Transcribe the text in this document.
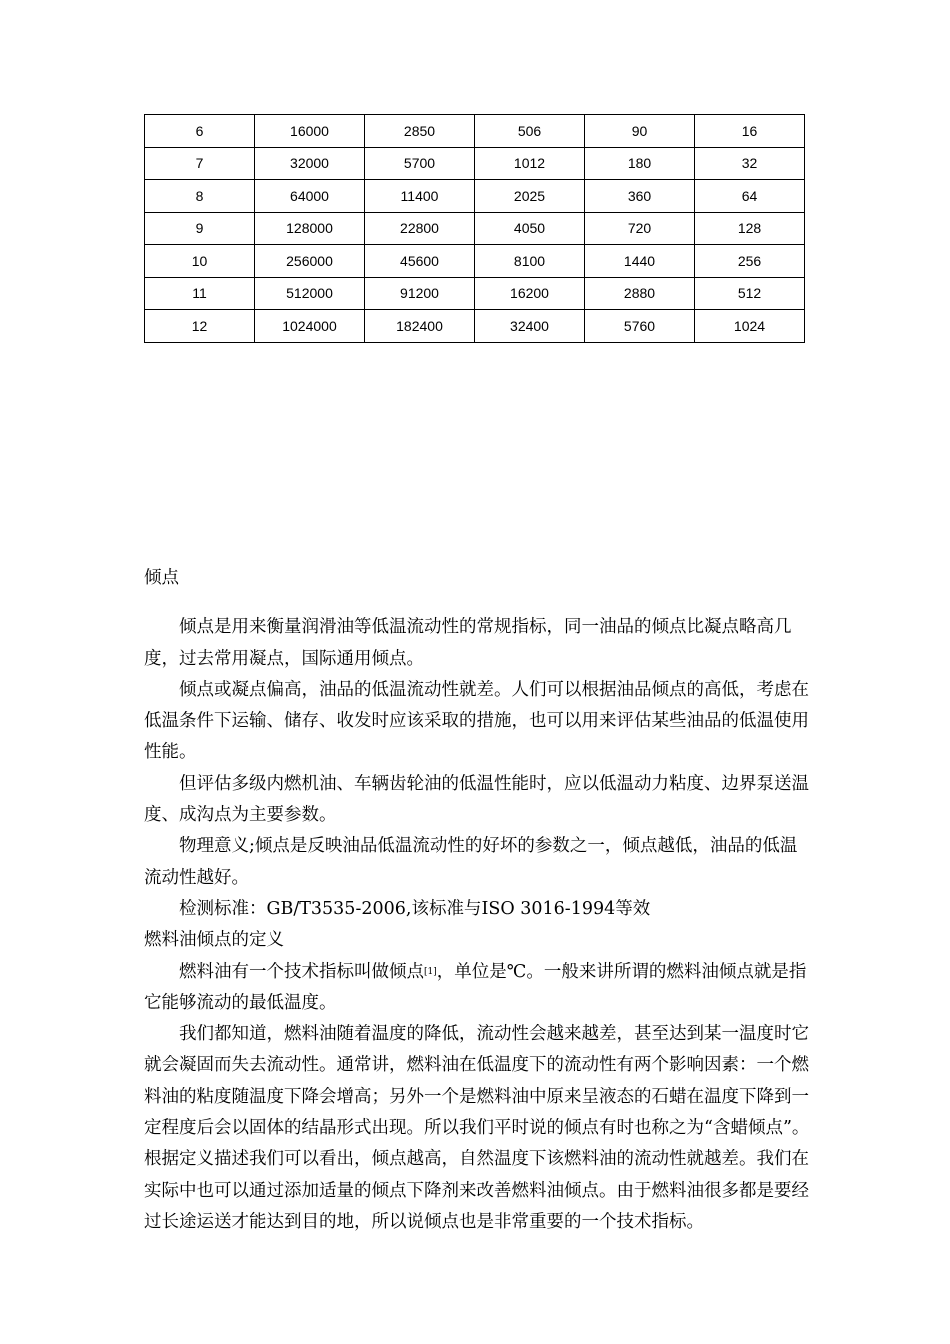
6	16000	2850	506	90	16
7	32000	5700	1012	180	32
8	64000	11400	2025	360	64
9	128000	22800	4050	720	128
10	256000	45600	8100	1440	256
11	512000	91200	16200	2880	512
12	1024000	182400	32400	5760	1024
倾点

倾点是用来衡量润滑油等低温流动性的常规指标，同一油品的倾点比凝点略高几度，过去常用凝点，国际通用倾点。

倾点或凝点偏高，油品的低温流动性就差。人们可以根据油品倾点的高低，考虑在低温条件下运输、储存、收发时应该采取的措施，也可以用来评估某些油品的低温使用性能。

但评估多级内燃机油、车辆齿轮油的低温性能时，应以低温动力粘度、边界泵送温度、成沟点为主要参数。

物理意义;倾点是反映油品低温流动性的好坏的参数之一，倾点越低，油品的低温流动性越好。

检测标准：GB/T3535-2006,该标准与ISO 3016-1994等效

燃料油倾点的定义

燃料油有一个技术指标叫做倾点[1]，单位是℃。一般来讲所谓的燃料油倾点就是指它能够流动的最低温度。

我们都知道，燃料油随着温度的降低，流动性会越来越差，甚至达到某一温度时它就会凝固而失去流动性。通常讲，燃料油在低温度下的流动性有两个影响因素：一个燃料油的粘度随温度下降会增高；另外一个是燃料油中原来呈液态的石蜡在温度下降到一定程度后会以固体的结晶形式出现。所以我们平时说的倾点有时也称之为“含蜡倾点”。根据定义描述我们可以看出，倾点越高，自然温度下该燃料油的流动性就越差。我们在实际中也可以通过添加适量的倾点下降剂来改善燃料油倾点。由于燃料油很多都是要经过长途运送才能达到目的地，所以说倾点也是非常重要的一个技术指标。
